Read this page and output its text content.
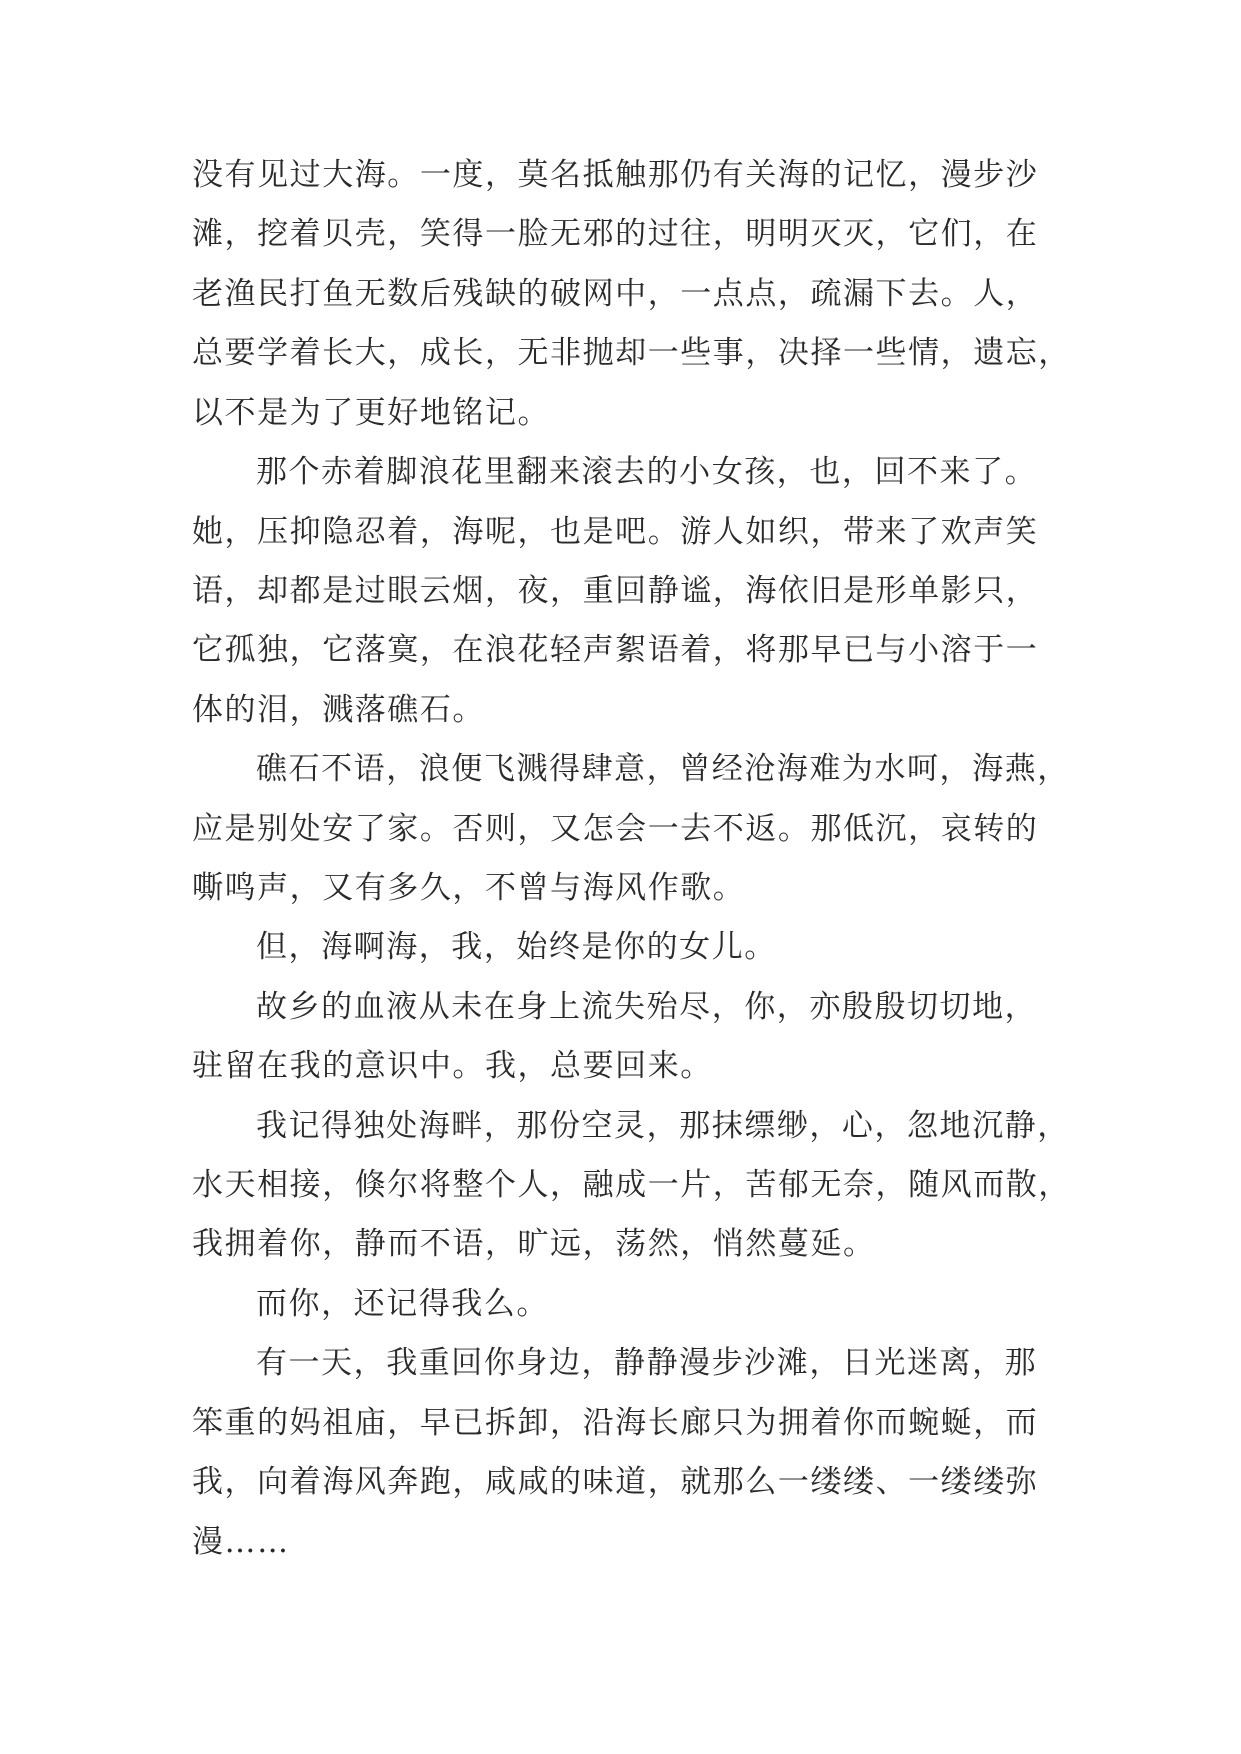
没有见过大海。一度，莫名抵触那仍有关海的记忆，漫步沙
滩，挖着贝壳，笑得一脸无邪的过往，明明灭灭，它们，在
老渔民打鱼无数后残缺的破网中，一点点，疏漏下去。人，
总要学着长大，成长，无非抛却一些事，决择一些情，遗忘，
以不是为了更好地铭记。
那个赤着脚浪花里翻来滚去的小女孩，也，回不来了。
她，压抑隐忍着，海呢，也是吧。游人如织，带来了欢声笑
语，却都是过眼云烟，夜，重回静谧，海依旧是形单影只，
它孤独，它落寞，在浪花轻声絮语着，将那早已与小溶于一
体的泪，溅落礁石。
礁石不语，浪便飞溅得肆意，曾经沧海难为水呵，海燕，
应是别处安了家。否则，又怎会一去不返。那低沉，哀转的
嘶鸣声，又有多久，不曾与海风作歌。
但，海啊海，我，始终是你的女儿。
故乡的血液从未在身上流失殆尽，你，亦殷殷切切地，
驻留在我的意识中。我，总要回来。
我记得独处海畔，那份空灵，那抹缥缈，心，忽地沉静，
水天相接，倏尔将整个人，融成一片，苦郁无奈，随风而散，
我拥着你，静而不语，旷远，荡然，悄然蔓延。
而你，还记得我么。
有一天，我重回你身边，静静漫步沙滩，日光迷离，那
笨重的妈祖庙，早已拆卸，沿海长廊只为拥着你而蜿蜒，而
我，向着海风奔跑，咸咸的味道，就那么一缕缕、一缕缕弥
漫……
